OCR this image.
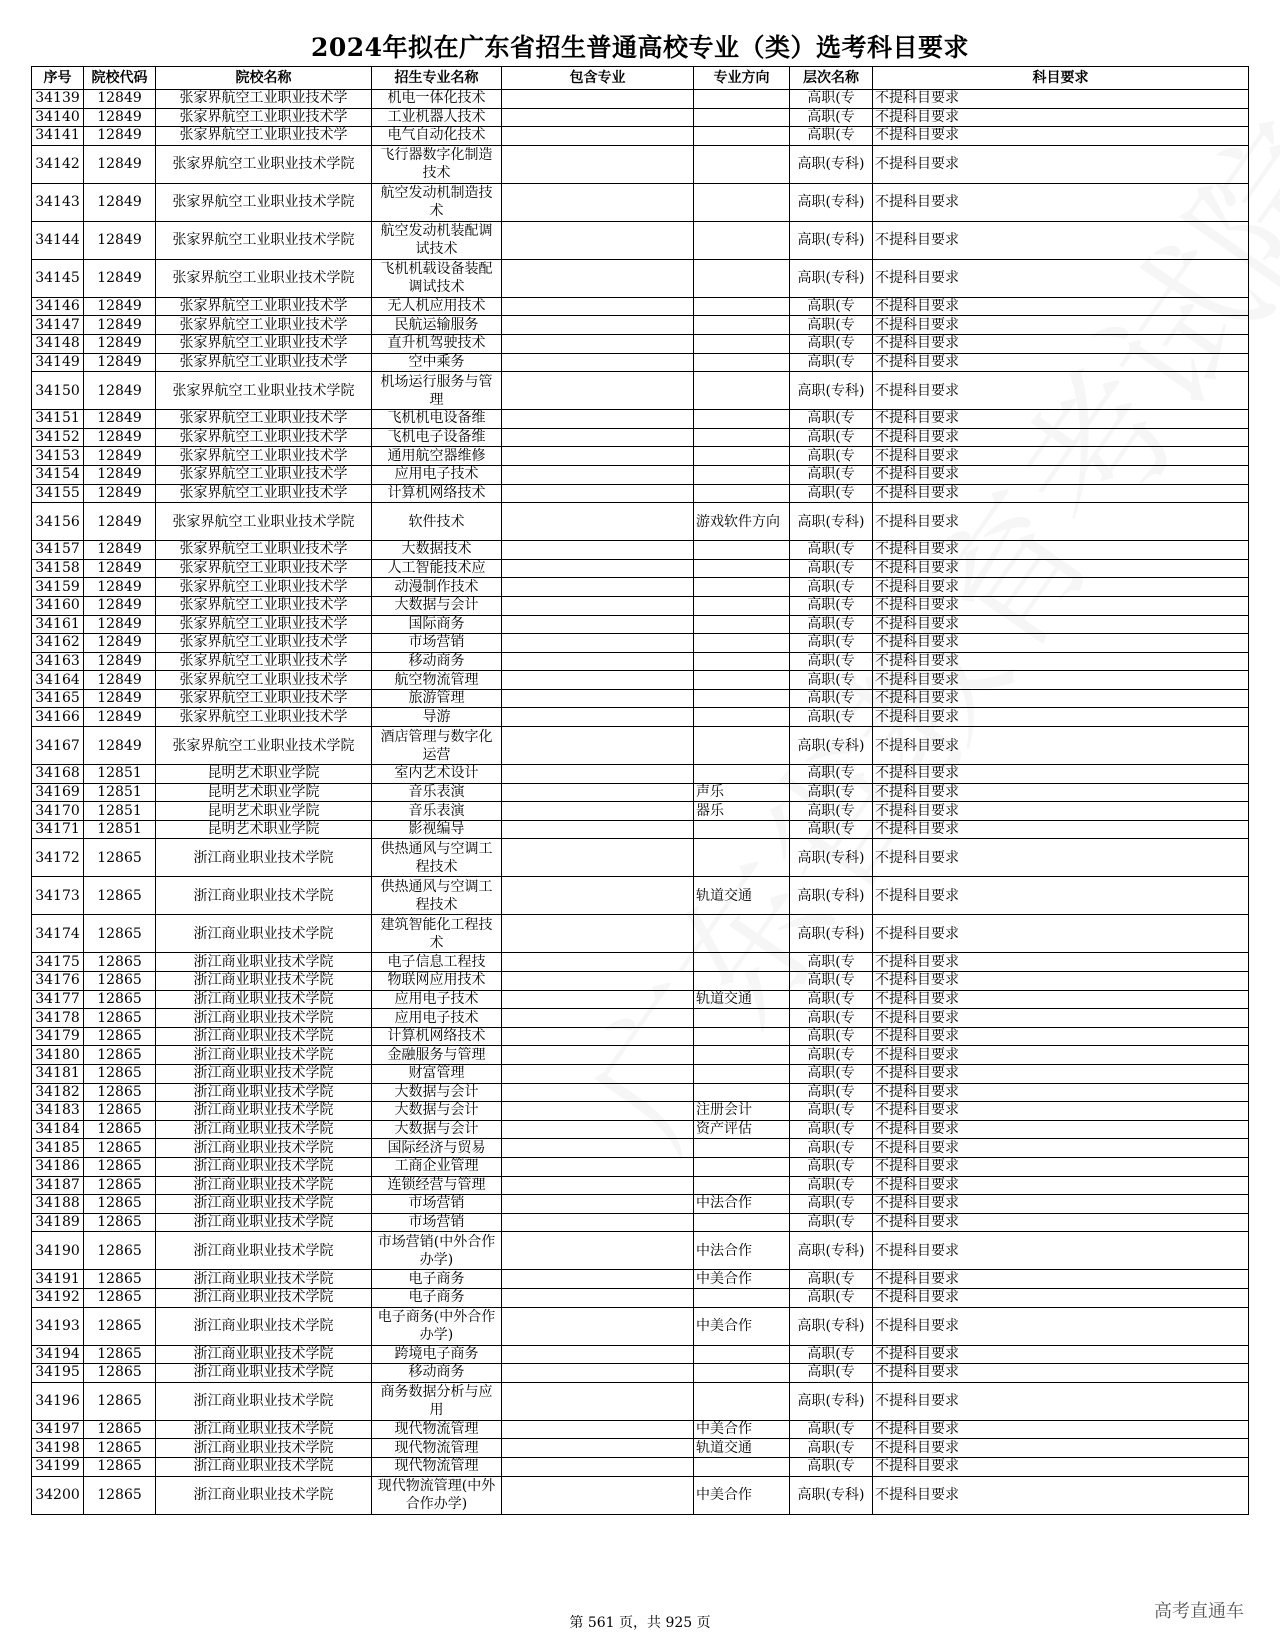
2024年拟在广东省招生普通高校专业（类）选考科目要求
序号	院校代码	院校名称	招生专业名称	包含专业	专业方向	层次名称	科目要求
34139	12849	张家界航空工业职业技术学	机电一体化技术			高职(专	不提科目要求
34140	12849	张家界航空工业职业技术学	工业机器人技术			高职(专	不提科目要求
34141	12849	张家界航空工业职业技术学	电气自动化技术			高职(专	不提科目要求
34142	12849	张家界航空工业职业技术学院	飞行器数字化制造技术			高职(专科)	不提科目要求
34143	12849	张家界航空工业职业技术学院	航空发动机制造技术			高职(专科)	不提科目要求
34144	12849	张家界航空工业职业技术学院	航空发动机装配调试技术			高职(专科)	不提科目要求
34145	12849	张家界航空工业职业技术学院	飞机机载设备装配调试技术			高职(专科)	不提科目要求
34146	12849	张家界航空工业职业技术学	无人机应用技术			高职(专	不提科目要求
34147	12849	张家界航空工业职业技术学	民航运输服务			高职(专	不提科目要求
34148	12849	张家界航空工业职业技术学	直升机驾驶技术			高职(专	不提科目要求
34149	12849	张家界航空工业职业技术学	空中乘务			高职(专	不提科目要求
34150	12849	张家界航空工业职业技术学院	机场运行服务与管理			高职(专科)	不提科目要求
34151	12849	张家界航空工业职业技术学	飞机机电设备维			高职(专	不提科目要求
34152	12849	张家界航空工业职业技术学	飞机电子设备维			高职(专	不提科目要求
34153	12849	张家界航空工业职业技术学	通用航空器维修			高职(专	不提科目要求
34154	12849	张家界航空工业职业技术学	应用电子技术			高职(专	不提科目要求
34155	12849	张家界航空工业职业技术学	计算机网络技术			高职(专	不提科目要求
34156	12849	张家界航空工业职业技术学院	软件技术		游戏软件方向	高职(专科)	不提科目要求
34157	12849	张家界航空工业职业技术学	大数据技术			高职(专	不提科目要求
34158	12849	张家界航空工业职业技术学	人工智能技术应			高职(专	不提科目要求
34159	12849	张家界航空工业职业技术学	动漫制作技术			高职(专	不提科目要求
34160	12849	张家界航空工业职业技术学	大数据与会计			高职(专	不提科目要求
34161	12849	张家界航空工业职业技术学	国际商务			高职(专	不提科目要求
34162	12849	张家界航空工业职业技术学	市场营销			高职(专	不提科目要求
34163	12849	张家界航空工业职业技术学	移动商务			高职(专	不提科目要求
34164	12849	张家界航空工业职业技术学	航空物流管理			高职(专	不提科目要求
34165	12849	张家界航空工业职业技术学	旅游管理			高职(专	不提科目要求
34166	12849	张家界航空工业职业技术学	导游			高职(专	不提科目要求
34167	12849	张家界航空工业职业技术学院	酒店管理与数字化运营			高职(专科)	不提科目要求
34168	12851	昆明艺术职业学院	室内艺术设计			高职(专	不提科目要求
34169	12851	昆明艺术职业学院	音乐表演		声乐	高职(专	不提科目要求
34170	12851	昆明艺术职业学院	音乐表演		器乐	高职(专	不提科目要求
34171	12851	昆明艺术职业学院	影视编导			高职(专	不提科目要求
34172	12865	浙江商业职业技术学院	供热通风与空调工程技术			高职(专科)	不提科目要求
34173	12865	浙江商业职业技术学院	供热通风与空调工程技术		轨道交通	高职(专科)	不提科目要求
34174	12865	浙江商业职业技术学院	建筑智能化工程技术			高职(专科)	不提科目要求
34175	12865	浙江商业职业技术学院	电子信息工程技			高职(专	不提科目要求
34176	12865	浙江商业职业技术学院	物联网应用技术			高职(专	不提科目要求
34177	12865	浙江商业职业技术学院	应用电子技术		轨道交通	高职(专	不提科目要求
34178	12865	浙江商业职业技术学院	应用电子技术			高职(专	不提科目要求
34179	12865	浙江商业职业技术学院	计算机网络技术			高职(专	不提科目要求
34180	12865	浙江商业职业技术学院	金融服务与管理			高职(专	不提科目要求
34181	12865	浙江商业职业技术学院	财富管理			高职(专	不提科目要求
34182	12865	浙江商业职业技术学院	大数据与会计			高职(专	不提科目要求
34183	12865	浙江商业职业技术学院	大数据与会计		注册会计	高职(专	不提科目要求
34184	12865	浙江商业职业技术学院	大数据与会计		资产评估	高职(专	不提科目要求
34185	12865	浙江商业职业技术学院	国际经济与贸易			高职(专	不提科目要求
34186	12865	浙江商业职业技术学院	工商企业管理			高职(专	不提科目要求
34187	12865	浙江商业职业技术学院	连锁经营与管理			高职(专	不提科目要求
34188	12865	浙江商业职业技术学院	市场营销		中法合作	高职(专	不提科目要求
34189	12865	浙江商业职业技术学院	市场营销			高职(专	不提科目要求
34190	12865	浙江商业职业技术学院	市场营销(中外合作办学)		中法合作	高职(专科)	不提科目要求
34191	12865	浙江商业职业技术学院	电子商务		中美合作	高职(专	不提科目要求
34192	12865	浙江商业职业技术学院	电子商务			高职(专	不提科目要求
34193	12865	浙江商业职业技术学院	电子商务(中外合作办学)		中美合作	高职(专科)	不提科目要求
34194	12865	浙江商业职业技术学院	跨境电子商务			高职(专	不提科目要求
34195	12865	浙江商业职业技术学院	移动商务			高职(专	不提科目要求
34196	12865	浙江商业职业技术学院	商务数据分析与应用			高职(专科)	不提科目要求
34197	12865	浙江商业职业技术学院	现代物流管理		中美合作	高职(专	不提科目要求
34198	12865	浙江商业职业技术学院	现代物流管理		轨道交通	高职(专	不提科目要求
34199	12865	浙江商业职业技术学院	现代物流管理			高职(专	不提科目要求
34200	12865	浙江商业职业技术学院	现代物流管理(中外合作办学)		中美合作	高职(专科)	不提科目要求
第 561 页，共 925 页
高考直通车
